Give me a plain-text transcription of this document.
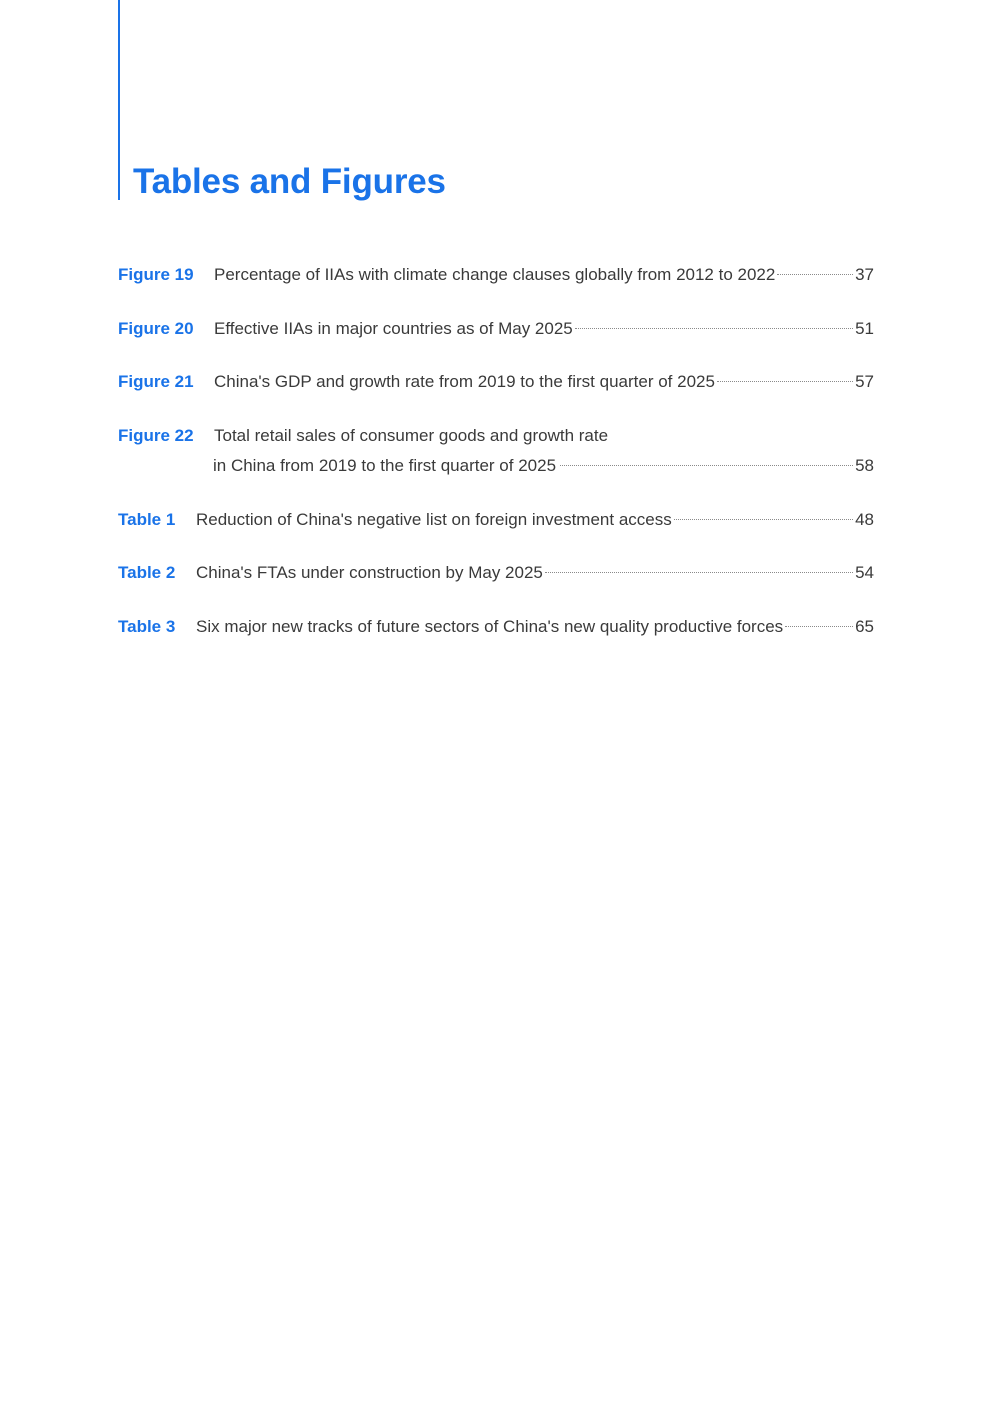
Tables and Figures
Figure 19 Percentage of IIAs with climate change clauses globally from 2012 to 2022	37
Figure 20 Effective IIAs in major countries as of May 2025	51
Figure 21 China's GDP and growth rate from 2019 to the first quarter of 2025	57
Figure 22 Total retail sales of consumer goods and growth rate
in China from 2019 to the first quarter of 2025	58
Table 1 Reduction of China's negative list on foreign investment access	48
Table 2 China's FTAs under construction by May 2025	54
Table 3 Six major new tracks of future sectors of China's new quality productive forces	65
